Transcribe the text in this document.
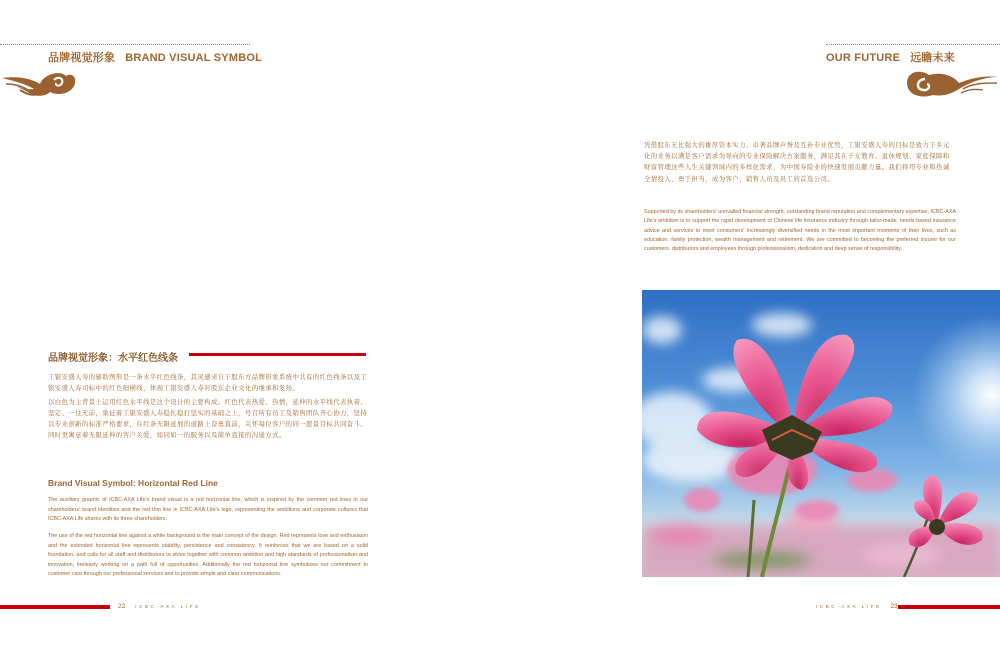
品牌视觉形象 BRAND VISUAL SYMBOL	OUR FUTURE 远瞻未来
品牌视觉形象：水平红色线条
工银安盛人寿的辅助图形是一条水平红色线条，其灵感来自于股东方品牌形象系统中共有的红色线条以及工银安盛人寿司标中的红色细横线，体现工银安盛人寿对股东企业文化的继承和发扬。
以白色为主背景上运用红色水平线是这个设计的主要构成。红色代表热爱、热情，延伸的水平线代表执着、坚定、一往无前，象征着工银安盛人寿稳扎稳打坚实的基础之上，号召所有员工及销售团队齐心协力，坚持以专业创新的标准严格要求，在红条无限延展的道路上奋勇直前，关怀每位客户的同一愿景目标共同奋斗。同时更寓意着无限延伸的客户关爱，如同如一的服务以及简单直接的沟通方式。
Brand Visual Symbol: Horizontal Red Line
The auxiliary graphic of ICBC-AXA Life's brand visual is a red horizontal line, which is inspired by the common red lines in our shareholders' brand identities and the red thin line in ICBC-AXA Life's logo, representing the ambitions and corporate cultures that ICBC-AXA Life shares with its three shareholders.
The use of the red horizontal line against a white background is the main concept of the design. Red represents love and enthusiasm and the extended horizontal line represents stability, persistence and consistency. It reinforces that we are based on a solid foundation, and calls for all staff and distributors to strive together with common ambition and high standards of professionalism and innovation, tirelessly working on a path full of opportunities. Additionally the red horizontal line symbolizes our commitment to customer care through our professional services and to provide simple and clear communications.
凭借股东无比强大的雄厚资本实力、卓著品牌声誉及互补专业优势，工银安盛人寿的目标是致力于多元化的业务以满足客户需求为导向的专业保险解决方案服务，满足其在子女教育、退休规划、家庭保障和财富管理这些人生关键领域内的多样化需求，为中国寿险业的快速发展贡献力量。我们将用专业和热诚全情投入、勇于担当，成为客户、销售人员及员工的首选公司。
Supported by its shareholders' unrivalled financial strength, outstanding brand reputation and complementary expertise, ICBC-AXA Life's ambition is to support the rapid development of Chinese life insurance industry through tailor-made, needs based insurance advice and services to meet consumers' increasingly diversified needs in the most important moments of their lives, such as education, family protection, wealth management and retirement. We are committed to becoming the preferred insurer for our customers, distributors and employees through professionalism, dedication and deep sense of responsibility.
22 ICBC-AXA LIFE	ICBC-AXA LIFE 23
